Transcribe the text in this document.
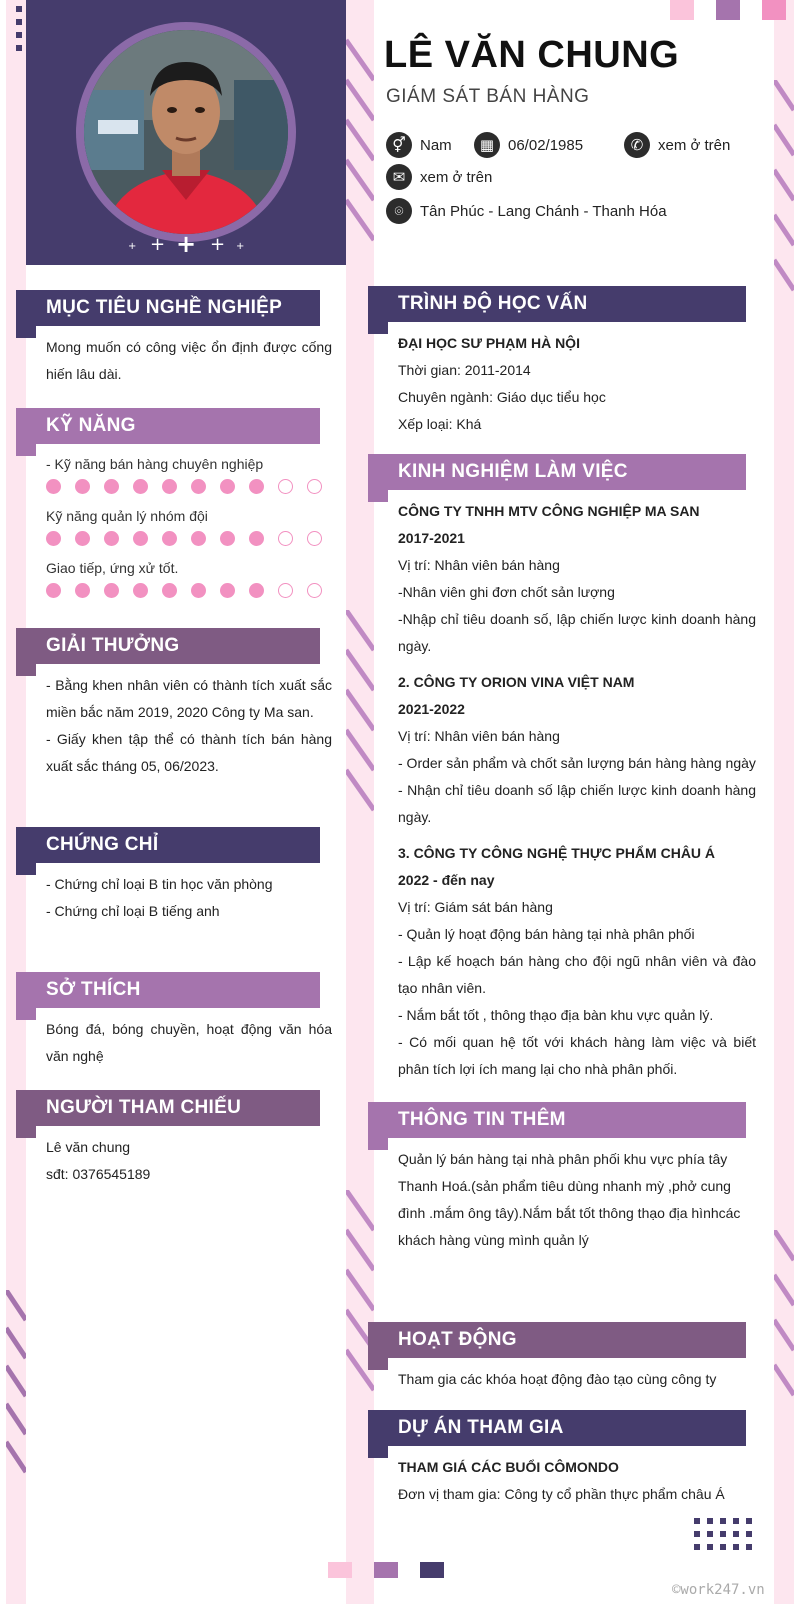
+ + + + +
LÊ VĂN CHUNG
GIÁM SÁT BÁN HÀNG
⚥ Nam	▦ 06/02/1985	✆ xem ở trên
✉ xem ở trên
⌾	Tân Phúc - Lang Chánh - Thanh Hóa
MỤC TIÊU NGHỀ NGHIỆP
Mong muốn có công việc ổn định được cống hiến lâu dài.
KỸ NĂNG
- Kỹ năng bán hàng chuyên nghiệp
Kỹ năng quản lý nhóm đội
Giao tiếp, ứng xử tốt.
GIẢI THƯỞNG
- Bằng khen nhân viên có thành tích xuất sắc miền bắc năm 2019, 2020 Công ty Ma san.
- Giấy khen tập thể có thành tích bán hàng xuất sắc tháng 05, 06/2023.
CHỨNG CHỈ
- Chứng chỉ loại B tin học văn phòng
- Chứng chỉ loại B tiếng anh
SỞ THÍCH
Bóng đá, bóng chuyền, hoạt động văn hóa văn nghệ
NGƯỜI THAM CHIẾU
Lê văn chung
sđt: 0376545189
TRÌNH ĐỘ HỌC VẤN
ĐẠI HỌC SƯ PHẠM HÀ NỘI
Thời gian: 2011-2014
Chuyên ngành: Giáo dục tiểu học
Xếp loại: Khá
KINH NGHIỆM LÀM VIỆC
CÔNG TY TNHH MTV CÔNG NGHIỆP MA SAN
2017-2021
Vị trí: Nhân viên bán hàng
-Nhân viên ghi đơn chốt sản lượng
-Nhập chỉ tiêu doanh số, lập chiến lược kinh doanh hàng ngày.
2. CÔNG TY ORION VINA VIỆT NAM
2021-2022
Vị trí: Nhân viên bán hàng
- Order sản phẩm và chốt sản lượng bán hàng hàng ngày
- Nhận chỉ tiêu doanh số lập chiến lược kinh doanh hàng ngày.
3. CÔNG TY CÔNG NGHỆ THỰC PHẨM CHÂU Á
2022 - đến nay
Vị trí: Giám sát bán hàng
- Quản lý hoạt động bán hàng tại nhà phân phối
- Lập kế hoạch bán hàng cho đội ngũ nhân viên và đào tạo nhân viên.
- Nắm bắt tốt , thông thạo địa bàn khu vực quản lý.
- Có mối quan hệ tốt với khách hàng làm việc và biết phân tích lợi ích mang lại cho nhà phân phối.
THÔNG TIN THÊM
Quản lý bán hàng tại nhà phân phối khu vực phía tây Thanh Hoá.(sản phẩm tiêu dùng nhanh mỳ ,phở cung đình .mắm ông tây).Nắm bắt tốt thông thạo địa hìnhcác khách hàng vùng mình quản lý
HOẠT ĐỘNG
Tham gia các khóa hoạt động đào tạo cùng công ty
DỰ ÁN THAM GIA
THAM GIÁ CÁC BUỔI CÔMONDO
Đơn vị tham gia: Công ty cổ phần thực phẩm châu Á
©work247.vn
